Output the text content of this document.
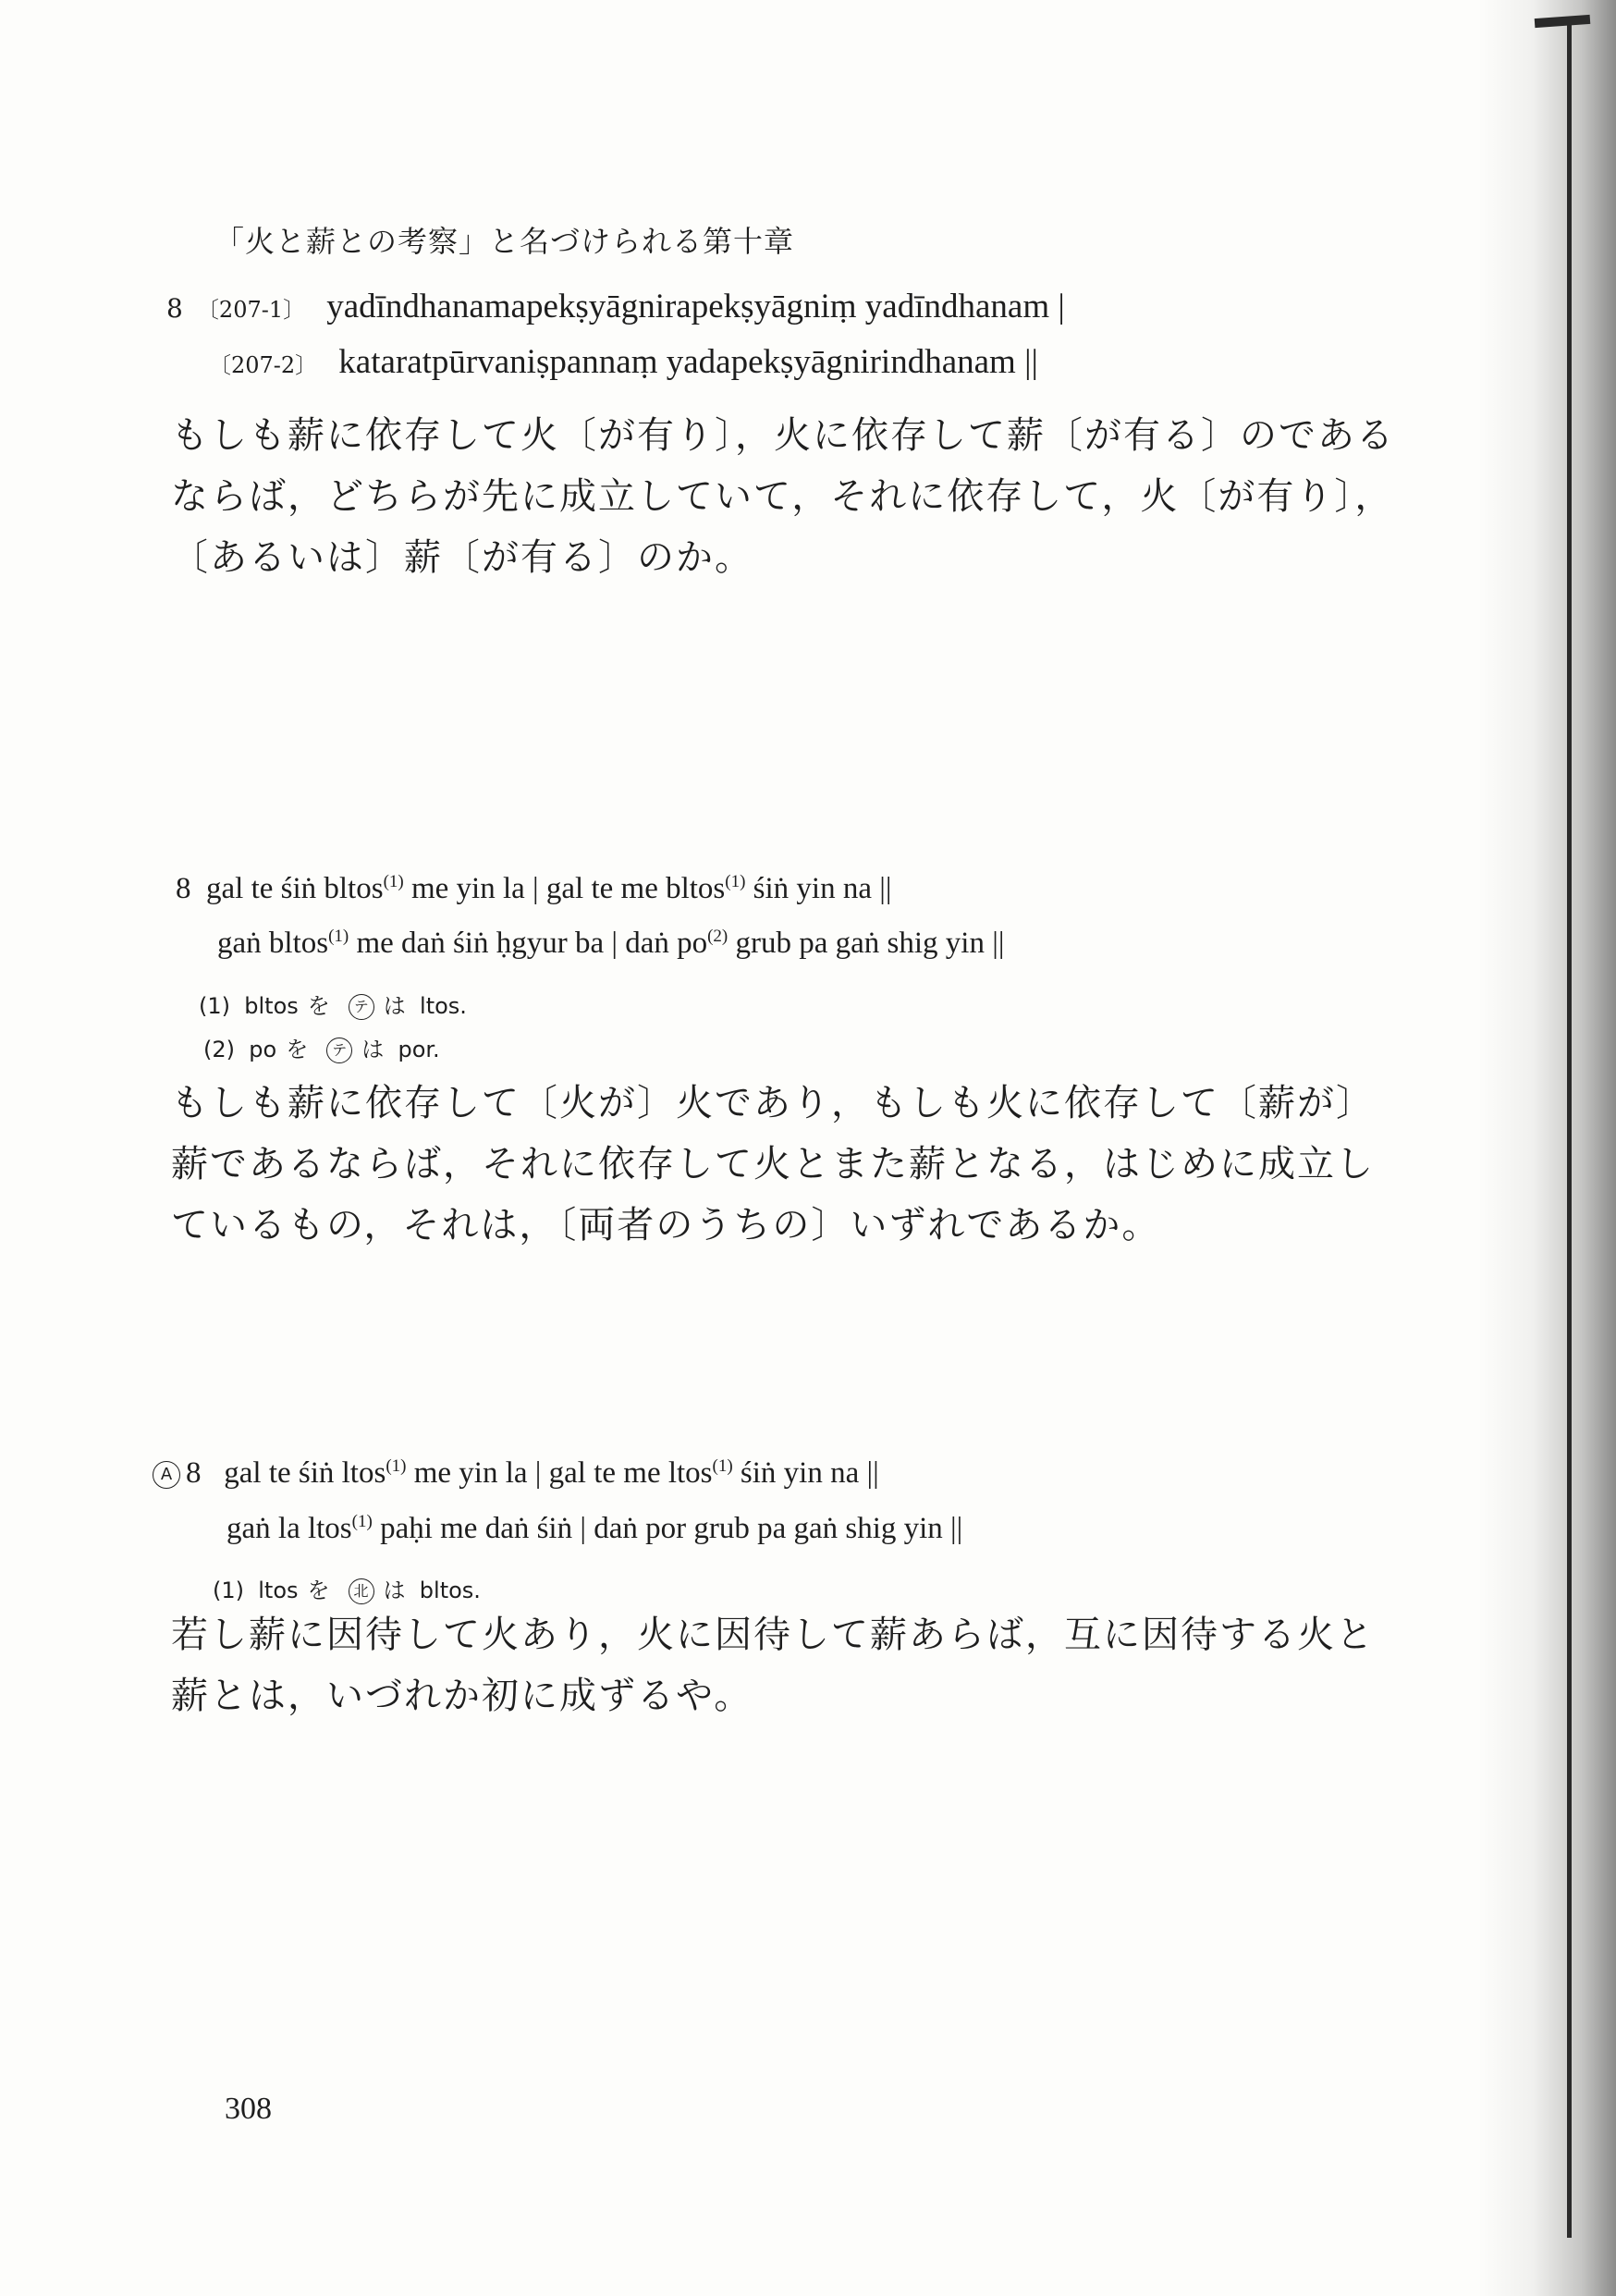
「火と薪との考察」と名づけられる第十章
8 〔207-1〕 yadīndhanamapekṣyāgnirapekṣyāgniṃ yadīndhanam |
〔207-2〕 kataratpūrvaniṣpannaṃ yadapekṣyāgnirindhanam ||
もしも薪に依存して火〔が有り〕，火に依存して薪〔が有る〕のであるならば，どちらが先に成立していて，それに依存して，火〔が有り〕，〔あるいは〕薪〔が有る〕のか。
8 gal te śiṅ bltos$^{(1)}$ me yin la | gal te me bltos$^{(1)}$ śiṅ yin na ||
gaṅ bltos$^{(1)}$ me daṅ śiṅ ḥgyur ba | daṅ $po^{(2)}$ grub pa gaṅ shig yin ||
(1) bltos を テ は ltos.
(2) po を テ は por.
もしも薪に依存して〔火が〕火であり，もしも火に依存して〔薪が〕薪であるならば，それに依存して火とまた薪となる，はじめに成立しているもの，それは，〔両者のうちの〕いずれであるか。
A 8 gal te śiṅ ltos$^{(1)}$ me yin la | gal te me ltos$^{(1)}$ śiṅ yin na ||
gaṅ la ltos$^{(1)}$ paḥi me daṅ śiṅ | daṅ por grub pa gaṅ shig yin ||
(1) ltos を 北 は bltos.
若し薪に因待して火あり，火に因待して薪あらば，互に因待する火と薪とは，いづれか初に成ずるや。
308
